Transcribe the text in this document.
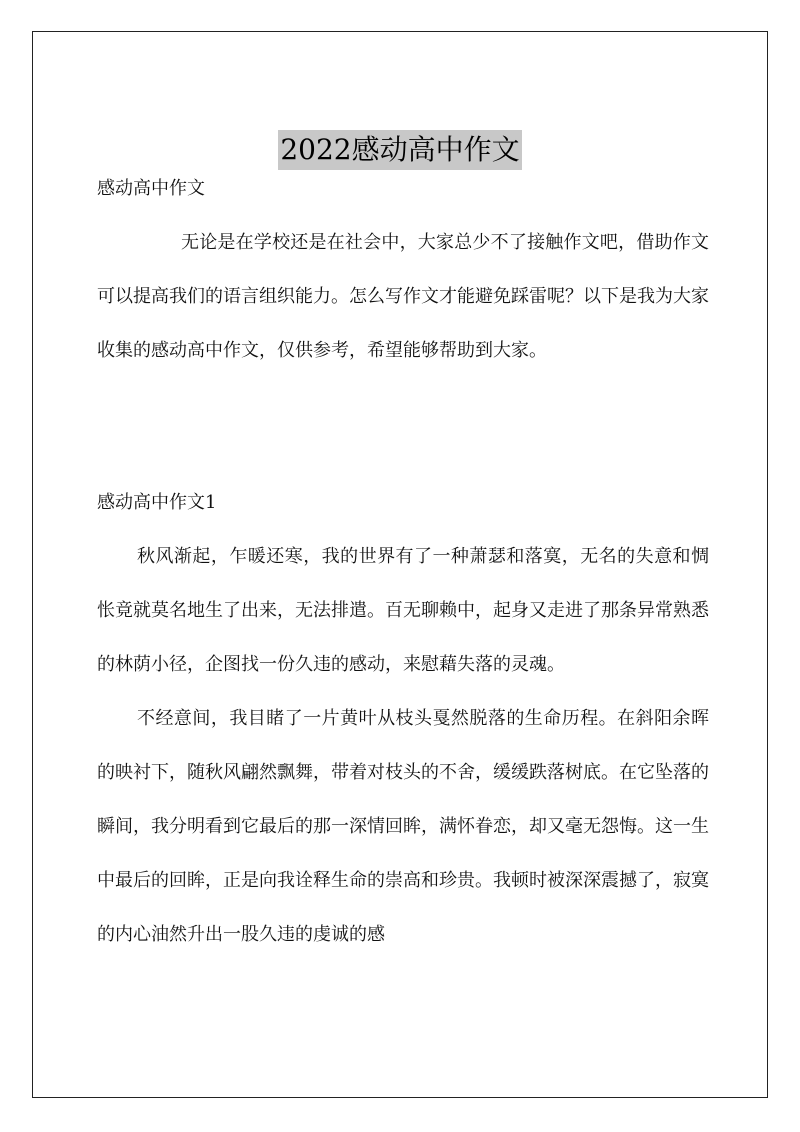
2022感动高中作文
感动高中作文

无论是在学校还是在社会中，大家总少不了接触作文吧，借助作文可以提高我们的语言组织能力。怎么写作文才能避免踩雷呢？以下是我为大家收集的感动高中作文，仅供参考，希望能够帮助到大家。

感动高中作文1

秋风渐起，乍暖还寒，我的世界有了一种萧瑟和落寞，无名的失意和惆怅竟就莫名地生了出来，无法排遣。百无聊赖中，起身又走进了那条异常熟悉的林荫小径，企图找一份久违的感动，来慰藉失落的灵魂。

不经意间，我目睹了一片黄叶从枝头戛然脱落的生命历程。在斜阳余晖的映衬下，随秋风翩然飘舞，带着对枝头的不舍，缓缓跌落树底。在它坠落的瞬间，我分明看到它最后的那一深情回眸，满怀眷恋，却又毫无怨悔。这一生中最后的回眸，正是向我诠释生命的崇高和珍贵。我顿时被深深震撼了，寂寞的内心油然升出一股久违的虔诚的感
